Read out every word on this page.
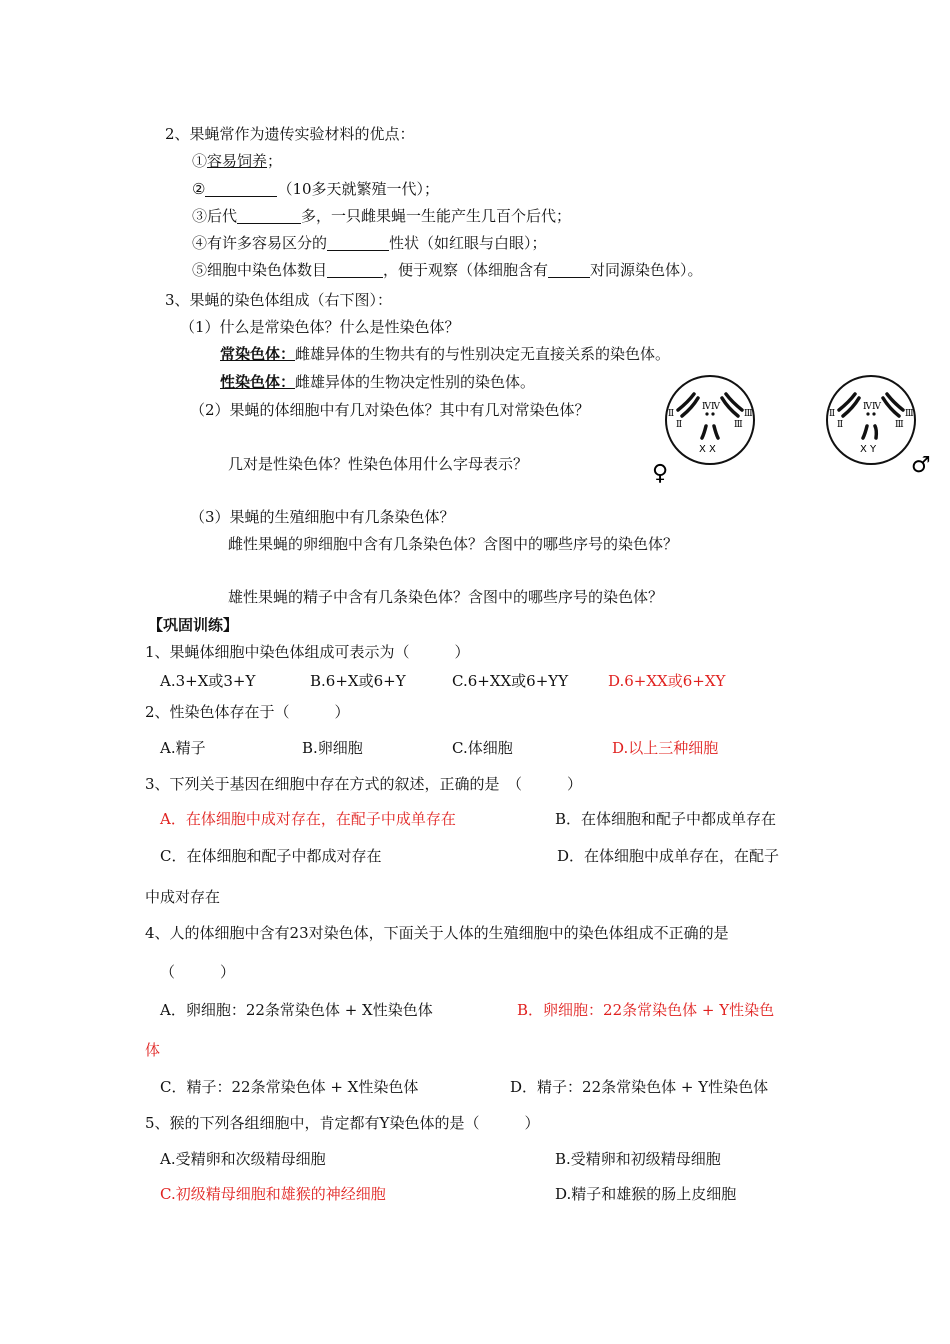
2、果蝇常作为遗传实验材料的优点：
①容易饲养；
②	（10多天就繁殖一代）；
③后代	多，一只雌果蝇一生能产生几百个后代；
④有许多容易区分的	性状（如红眼与白眼）；
⑤细胞中染色体数目	，便于观察（体细胞含有	对同源染色体）。
3、果蝇的染色体组成（右下图）：
（1）什么是常染色体？什么是性染色体？
常染色体：雌雄异体的生物共有的与性别决定无直接关系的染色体。
性染色体：雌雄异体的生物决定性别的染色体。
（2）果蝇的体细胞中有几对染色体？其中有几对常染色体？
几对是性染色体？性染色体用什么字母表示？
（3）果蝇的生殖细胞中有几条染色体？
雌性果蝇的卵细胞中含有几条染色体？含图中的哪些序号的染色体？
雄性果蝇的精子中含有几条染色体？含图中的哪些序号的染色体？
Ⅱ
Ⅱ
Ⅳ Ⅳ
Ⅲ
Ⅲ
X X
♀
Ⅱ
Ⅱ
Ⅳ Ⅳ
Ⅲ
Ⅲ
X Y
♂
【巩固训练】
1、果蝇体细胞中染色体组成可表示为（　　　）
A.3+X或3+Y	B.6+X或6+Y	C.6+XX或6+YY	D.6+XX或6+XY
2、性染色体存在于（　　　）
A.精子	B.卵细胞	C.体细胞	D.以上三种细胞
3、下列关于基因在细胞中存在方式的叙述，正确的是　（　　　）
A．在体细胞中成对存在，在配子中成单存在	B．在体细胞和配子中都成单存在
C．在体细胞和配子中都成对存在	D．在体细胞中成单存在，在配子
中成对存在
4、人的体细胞中含有23对染色体，下面关于人体的生殖细胞中的染色体组成不正确的是
（　　　）
A．卵细胞：22条常染色体 + X性染色体	B．卵细胞：22条常染色体 + Y性染色
体
C．精子：22条常染色体 + X性染色体	D．精子：22条常染色体 + Y性染色体
5、猴的下列各组细胞中，肯定都有Y染色体的是（　　　）
A.受精卵和次级精母细胞	B.受精卵和初级精母细胞
C.初级精母细胞和雄猴的神经细胞	D.精子和雄猴的肠上皮细胞
